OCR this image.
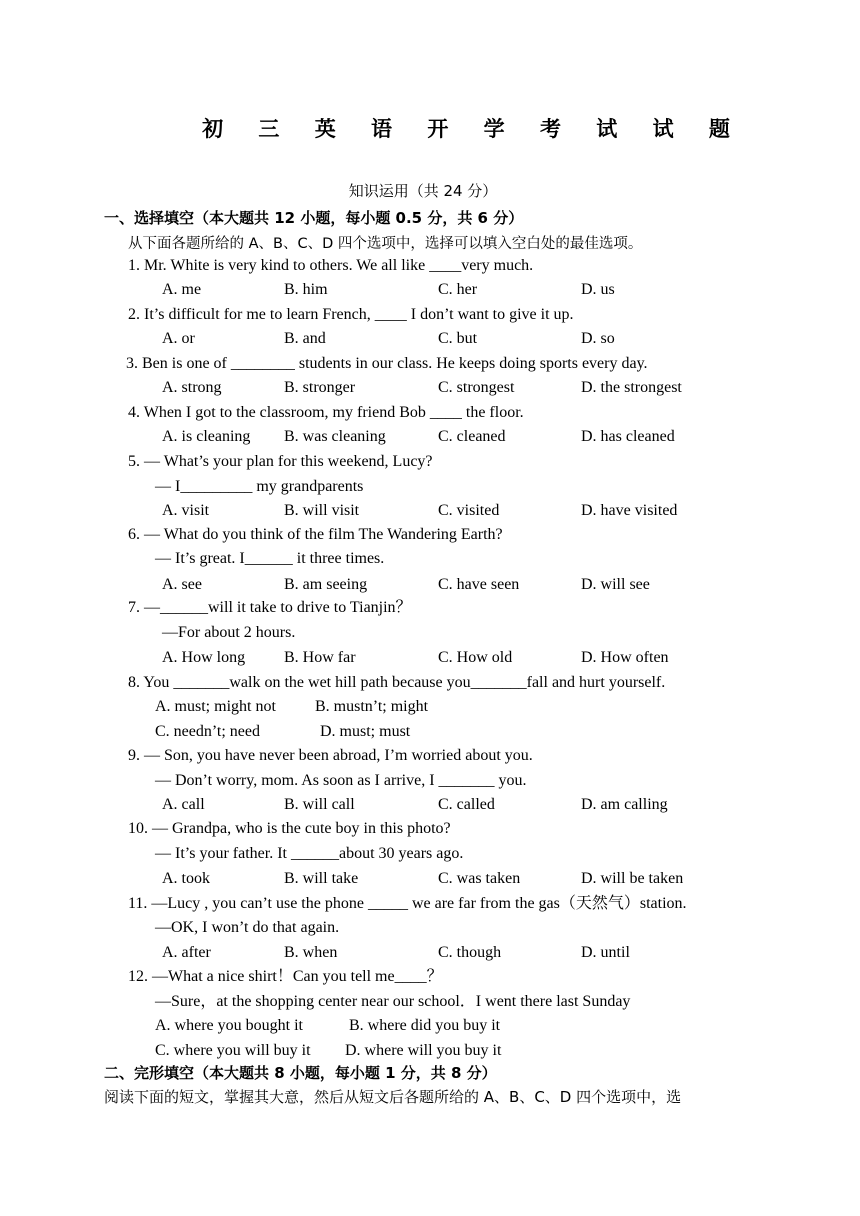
初 三 英 语 开 学 考 试 试 题
知识运用（共 24 分）
一、选择填空（本大题共 12 小题，每小题 0.5 分，共 6 分）
从下面各题所给的 A、B、C、D 四个选项中，选择可以填入空白处的最佳选项。
1. Mr. White is very kind to others. We all like ____very much.
A. me	B. him	C. her	D. us
2. It’s difficult for me to learn French, ____ I don’t want to give it up.
A. or	B. and	C. but	D. so
3. Ben is one of ________ students in our class. He keeps doing sports every day.
A. strong	B. stronger	C. strongest	D. the strongest
4. When I got to the classroom, my friend Bob ____ the floor.
A. is cleaning B. was cleaning	C. cleaned	D. has cleaned
5. — What’s your plan for this weekend, Lucy?
— I_________ my grandparents
A. visit	B. will visit	C. visited	D. have visited
6. — What do you think of the film The Wandering Earth?
— It’s great. I______ it three times.
A. see	B. am seeing	C. have seen	D. will see
7. —______will it take to drive to Tianjin？
—For about 2 hours.
A. How long B. How far	C. How old	D. How often
8. You _______walk on the wet hill path because you_______fall and hurt yourself.
A. must; might not B. mustn’t; might
C. needn’t; need	D. must; must
9. — Son, you have never been abroad, I’m worried about you.
— Don’t worry, mom. As soon as I arrive, I _______ you.
A. call	B. will call	C. called	D. am calling
10. — Grandpa, who is the cute boy in this photo?
— It’s your father. It ______about 30 years ago.
A. took	B. will take	C. was taken	D. will be taken
11. —Lucy , you can’t use the phone _____ we are far from the gas（天然气）station.
—OK, I won’t do that again.
A. after	B. when	C. though	D. until
12. —What a nice shirt！Can you tell me____？
—Sure，at the shopping center near our school．I went there last Sunday
A. where you bought it	B. where did you buy it
C. where you will buy it D. where will you buy it
二、完形填空（本大题共 8 小题，每小题 1 分，共 8 分）
阅读下面的短文，掌握其大意，然后从短文后各题所给的 A、B、C、D 四个选项中，选
